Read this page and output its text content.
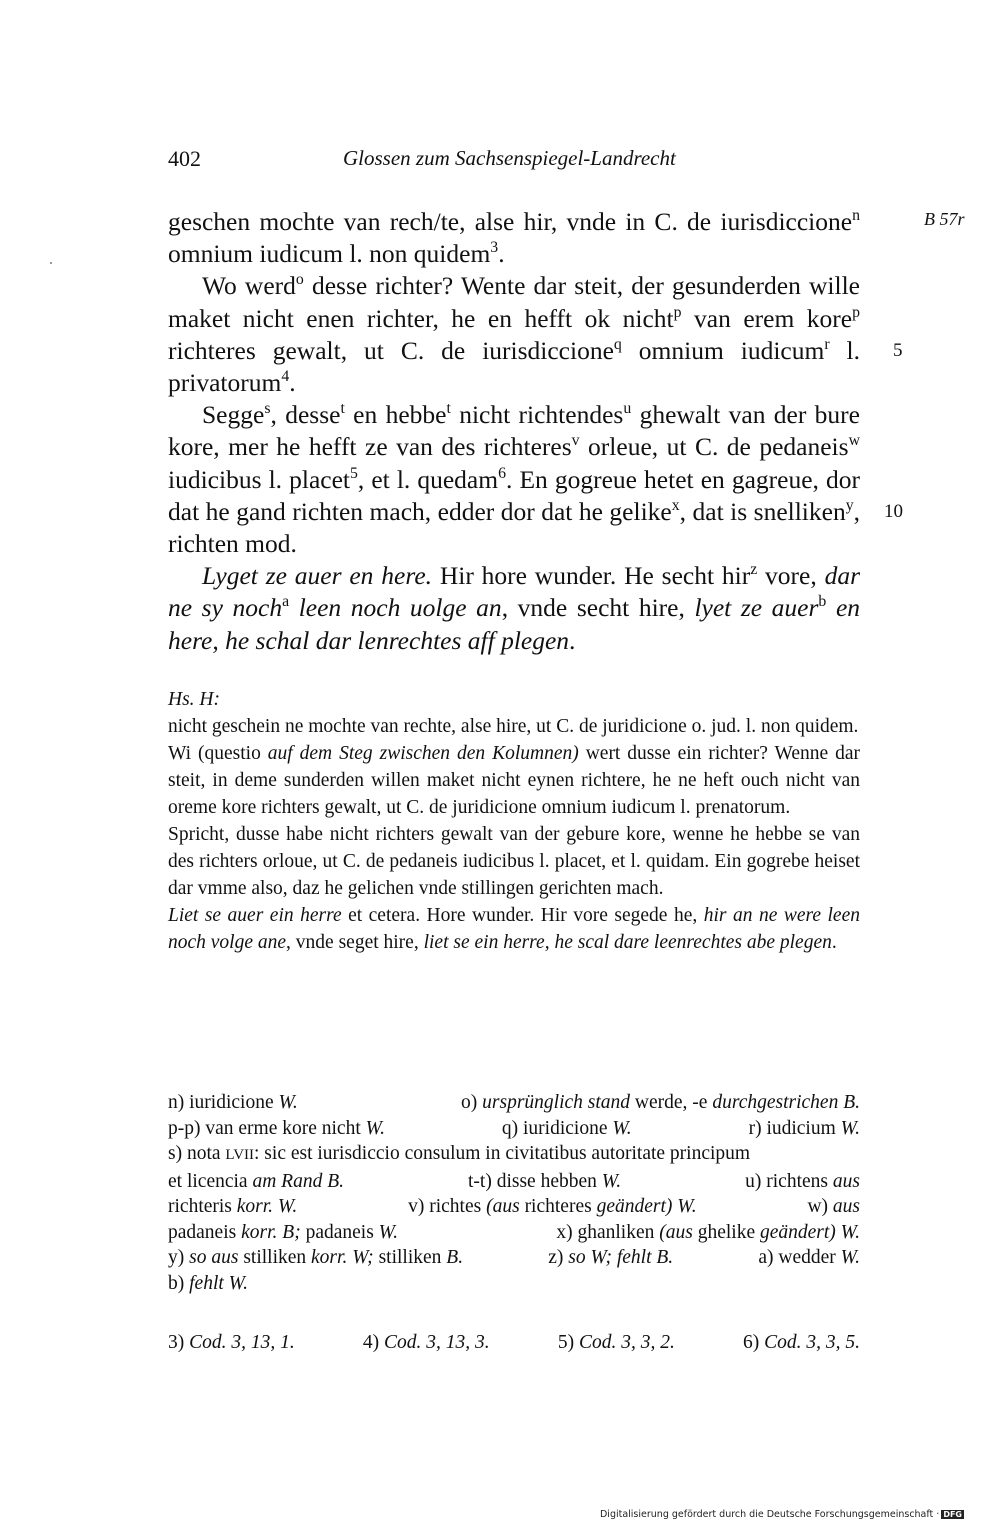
402	Glossen zum Sachsenspiegel-Landrecht
B 57r
5
10

geschen mochte van rech/te, alse hir, vnde in C. de iurisdiccione$^n$ omnium iudicum l. non quidem$^3$.

Wo werd$^o$ desse richter? Wente dar steit, der gesunderden wille maket nicht enen richter, he en hefft ok nicht$^p$ van erem kore$^p$ richteres gewalt, ut C. de iurisdiccione$^q$ omnium iudicum$^r$ l. privatorum$^4$.

Segge$^s$, desse$^t$ en hebbe$^t$ nicht richtendes$^u$ ghewalt van der bure kore, mer he hefft ze van des richteres$^v$ orleue, ut C. de pedaneis$^w$ iudicibus l. placet$^5$, et l. quedam$^6$. En gogreue hetet en gagreue, dor dat he gand richten mach, edder dor dat he gelike$^x$, dat is snelliken$^y$, richten mod.

Lyget ze auer en here. Hir hore wunder. He secht hir$^z$ vore, dar ne sy noch$^a$ leen noch uolge an, vnde secht hire, lyet ze auer$^b$ en here, he schal dar lenrechtes aff plegen.

Hs. H:

nicht geschein ne mochte van rechte, alse hire, ut C. de juridicione o. jud. l. non quidem.

Wi (questio auf dem Steg zwischen den Kolumnen) wert dusse ein richter? Wenne dar steit, in deme sunderden willen maket nicht eynen richtere, he ne heft ouch nicht van oreme kore richters gewalt, ut C. de juridicione omnium iudicum l. prenatorum.

Spricht, dusse habe nicht richters gewalt van der gebure kore, wenne he hebbe se van des richters orloue, ut C. de pedaneis iudicibus l. placet, et l. quidam. Ein gogrebe heiset dar vmme also, daz he gelichen vnde stillingen gerichten mach.

Liet se auer ein herre et cetera. Hore wunder. Hir vore segede he, hir an ne were leen noch volge ane, vnde seget hire, liet se ein herre, he scal dare leenrechtes abe plegen.

n) iuridicione W.	o) ursprünglich stand werde, -e durchgestrichen B.
p-p) van erme kore nicht W.	q) iuridicione W.	r) iudicium W.

s) nota LVII: sic est iurisdiccio consulum in civitatibus autoritate principum

et licencia am Rand B.	t-t) disse hebben W.	u) richtens aus
richteris korr. W.	v) richtes (aus richteres geändert) W.	w) aus
padaneis korr. B; padaneis W.	x) ghanliken (aus ghelike geändert) W.
y) so aus stilliken korr. W; stilliken B.	z) so W; fehlt B.	a) wedder W.

b) fehlt W.

3) Cod. 3, 13, 1.	4) Cod. 3, 13, 3.	5) Cod. 3, 3, 2.	6) Cod. 3, 3, 5.
Digitalisierung gefördert durch die Deutsche Forschungsgemeinschaft · DFG
